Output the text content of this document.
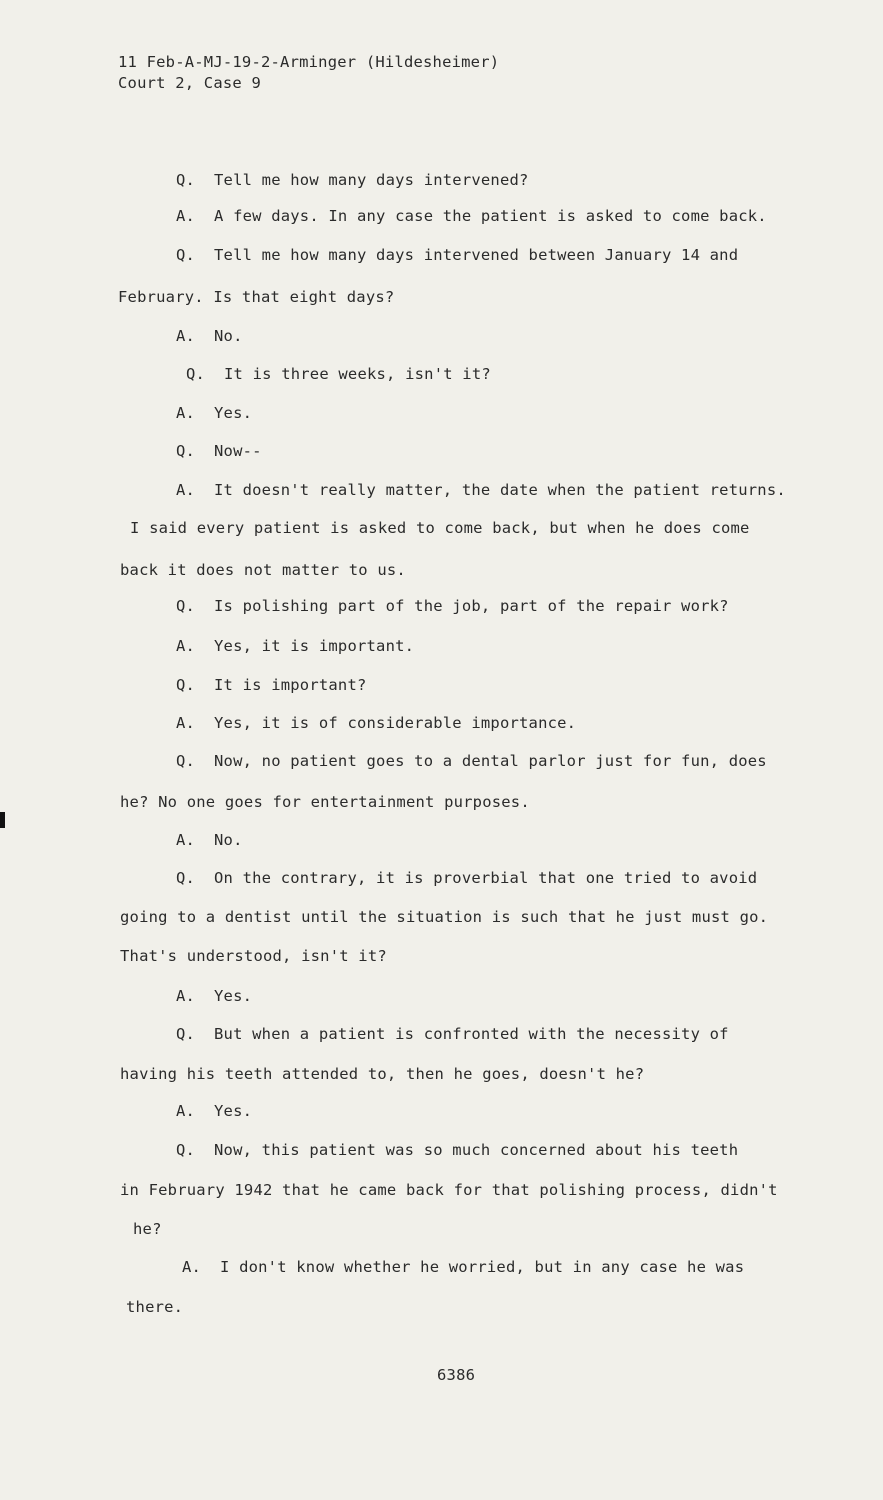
11 Feb-A-MJ-19-2-Arminger (Hildesheimer)
Court 2, Case 9
Q. Tell me how many days intervened?
A. A few days. In any case the patient is asked to come back.
Q. Tell me how many days intervened between January 14 and
February. Is that eight days?
A. No.
Q. It is three weeks, isn't it?
A. Yes.
Q. Now--
A. It doesn't really matter, the date when the patient returns.
I said every patient is asked to come back, but when he does come
back it does not matter to us.
Q. Is polishing part of the job, part of the repair work?
A. Yes, it is important.
Q. It is important?
A. Yes, it is of considerable importance.
Q. Now, no patient goes to a dental parlor just for fun, does
he? No one goes for entertainment purposes.
A. No.
Q. On the contrary, it is proverbial that one tried to avoid
going to a dentist until the situation is such that he just must go.
That's understood, isn't it?
A. Yes.
Q. But when a patient is confronted with the necessity of
having his teeth attended to, then he goes, doesn't he?
A. Yes.
Q. Now, this patient was so much concerned about his teeth
in February 1942 that he came back for that polishing process, didn't
he?
A. I don't know whether he worried, but in any case he was
there.
6386
